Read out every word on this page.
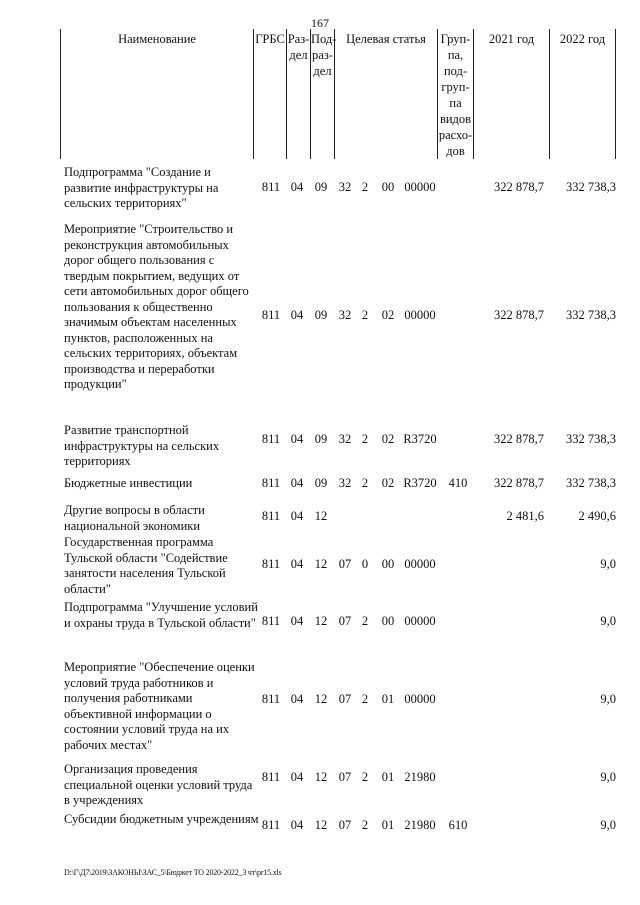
167
Наименование	ГРБС Раз-
дел
Под-
раз-
дел
Целевая статья	Груп-
па,
под-
груп-
па
видов
расхо-
дов
2021 год	2022 год
Подпрограмма "Создание и развитие инфраструктуры на сельских территориях"
811 04 09 32 2 00 00000	322 878,7	332 738,3
Мероприятие "Строительство и реконструкция автомобильных дорог общего пользования с твердым покрытием, ведущих от сети автомобильных дорог общего пользования к общественно значимым объектам населенных пунктов, расположенных на сельских территориях, объектам производства и переработки продукции"
811 04 09 32 2 02 00000	322 878,7	332 738,3
Развитие транспортной инфраструктуры на сельских территориях
811 04 09 32 2 02 R3720	322 878,7	332 738,3
Бюджетные инвестиции	811 04 09 32 2 02 R3720 410	322 878,7	332 738,3
Другие вопросы в области национальной экономики
811 04 12	2 481,6	2 490,6
Государственная программа Тульской области "Содействие занятости населения Тульской области"
811 04 12 07 0 00 00000	9,0
Подпрограмма "Улучшение условий и охраны труда в Тульской области" 811 04 12 07 2 00 00000	9,0
Мероприятие "Обеспечение оценки условий труда работников и получения работниками объективной информации о состоянии условий труда на их рабочих местах"
811 04 12 07 2 01 00000	9,0
Организация проведения специальной оценки условий труда в учреждениях
811 04 12 07 2 01 21980	9,0
Субсидии бюджетным учреждениям 811 04 12 07 2 01 21980 610	9,0
D:\Г\Д7\2019\ЗАКОНЫ\ЗАС_5\Бюджет ТО 2020-2022_3 чт\pr15.xls
